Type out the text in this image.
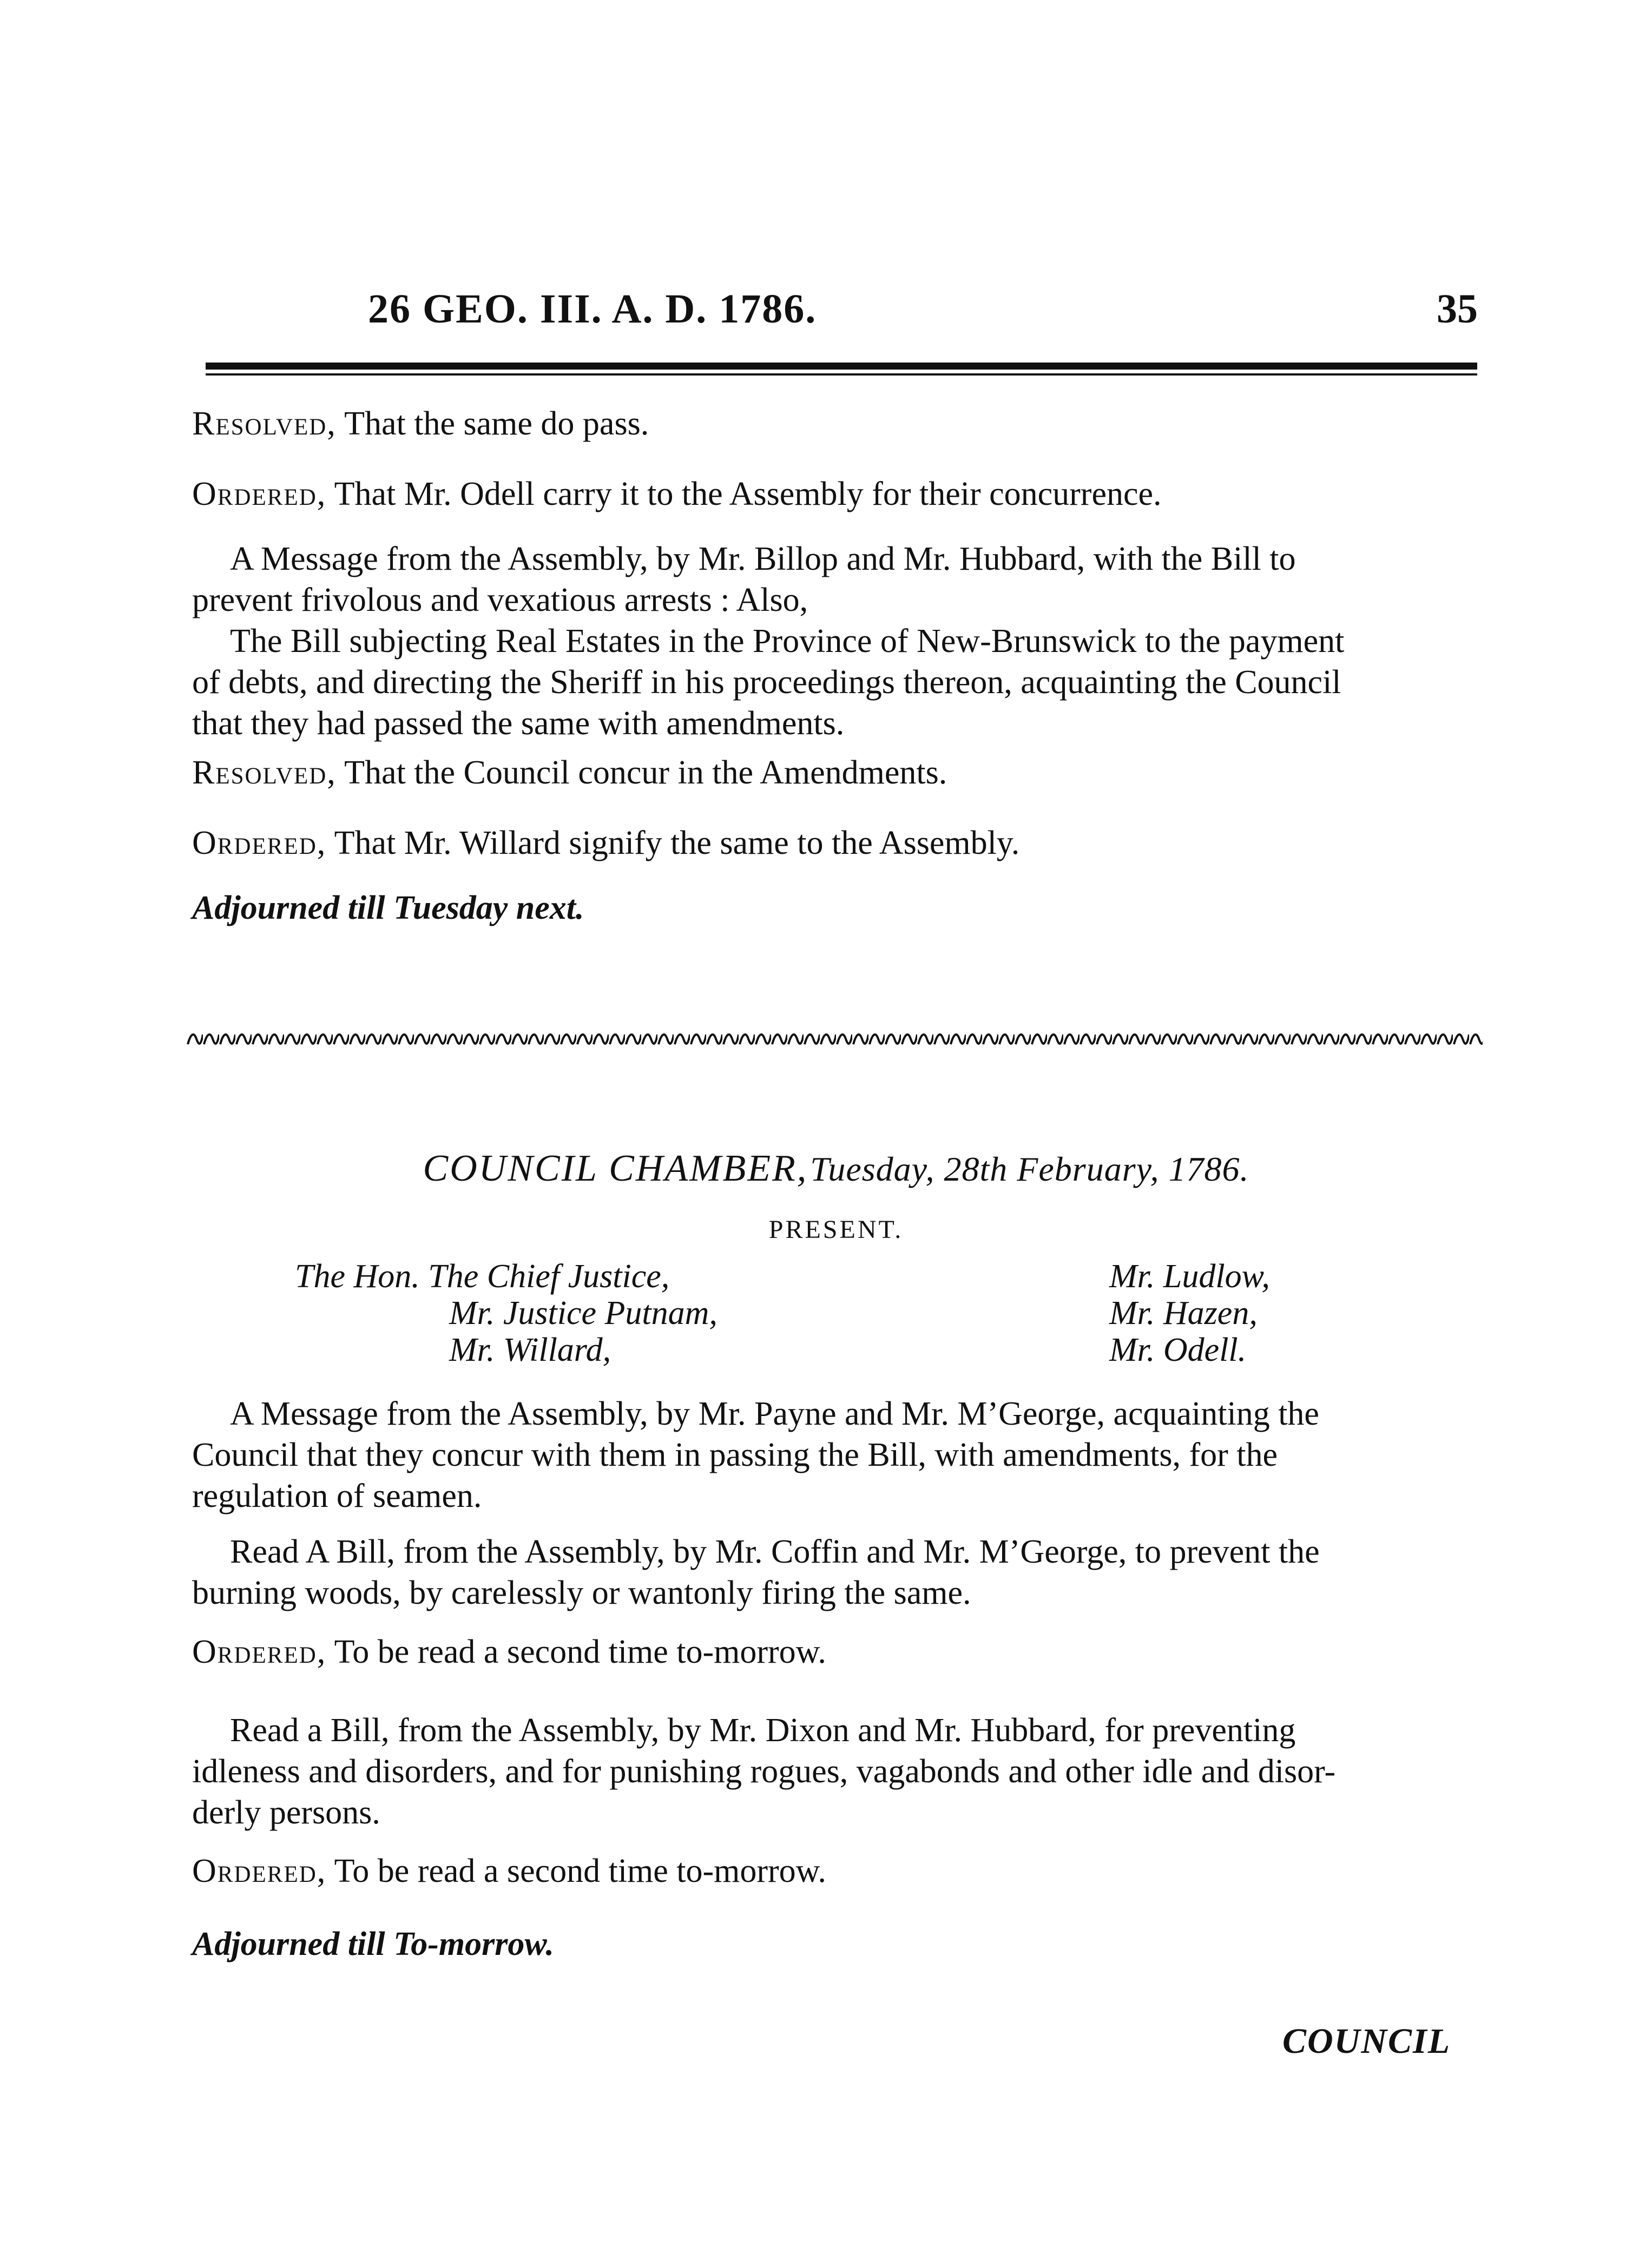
26 GEO. III. A. D. 1786.	35
Resolved, That the same do pass.
Ordered, That Mr. Odell carry it to the Assembly for their concurrence.
A Message from the Assembly, by Mr. Billop and Mr. Hubbard, with the Bill to
prevent frivolous and vexatious arrests : Also,
The Bill subjecting Real Estates in the Province of New-Brunswick to the payment
of debts, and directing the Sheriff in his proceedings thereon, acquainting the Council
that they had passed the same with amendments.
Resolved, That the Council concur in the Amendments.
Ordered, That Mr. Willard signify the same to the Assembly.
Adjourned till Tuesday next.
COUNCIL CHAMBER, Tuesday, 28th February, 1786.
PRESENT.
The Hon. The Chief Justice,
Mr. Justice Putnam,
Mr. Willard,
Mr. Ludlow,
Mr. Hazen,
Mr. Odell.
A Message from the Assembly, by Mr. Payne and Mr. M’George, acquainting the
Council that they concur with them in passing the Bill, with amendments, for the
regulation of seamen.
Read A Bill, from the Assembly, by Mr. Coffin and Mr. M’George, to prevent the
burning woods, by carelessly or wantonly firing the same.
Ordered, To be read a second time to-morrow.
Read a Bill, from the Assembly, by Mr. Dixon and Mr. Hubbard, for preventing
idleness and disorders, and for punishing rogues, vagabonds and other idle and disor-
derly persons.
Ordered, To be read a second time to-morrow.
Adjourned till To-morrow.
COUNCIL
